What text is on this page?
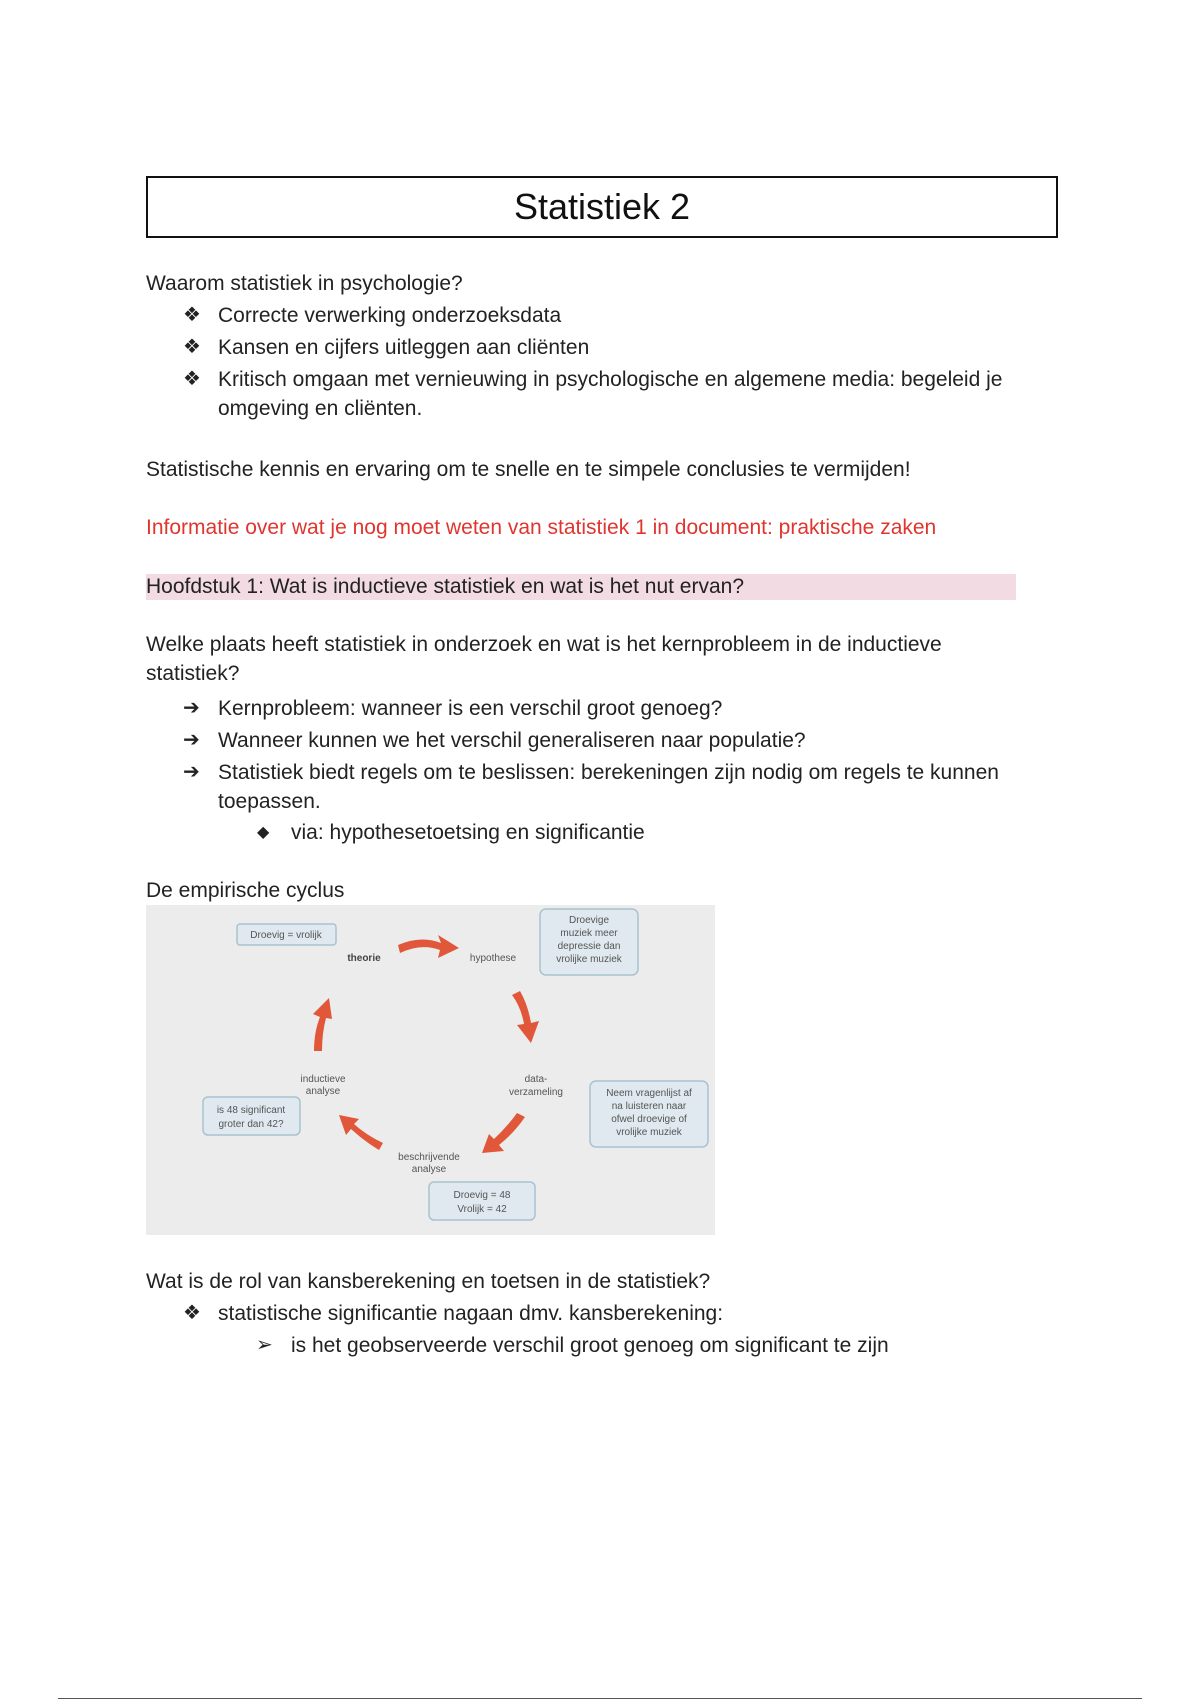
Statistiek 2
Waarom statistiek in psychologie?
❖ Correcte verwerking onderzoeksdata
❖ Kansen en cijfers uitleggen aan cliënten
❖ Kritisch omgaan met vernieuwing in psychologische en algemene media: begeleid je omgeving en cliënten.
Statistische kennis en ervaring om te snelle en te simpele conclusies te vermijden!
Informatie over wat je nog moet weten van statistiek 1 in document: praktische zaken
Hoofdstuk 1: Wat is inductieve statistiek en wat is het nut ervan?
Welke plaats heeft statistiek in onderzoek en wat is het kernprobleem in de inductieve statistiek?
➔ Kernprobleem: wanneer is een verschil groot genoeg?
➔ Wanneer kunnen we het verschil generaliseren naar populatie?
➔ Statistiek biedt regels om te beslissen: berekeningen zijn nodig om regels te kunnen toepassen.
◆ via: hypothesetoetsing en significantie
De empirische cyclus
theorie	hypothese
data-
verzameling
beschrijvende
analyse
inductieve
analyse
Droevig = vrolijk
Droevige
muziek meer
depressie dan
vrolijke muziek
Neem vragenlijst af
na luisteren naar
ofwel droevige of
vrolijke muziek
Droevig = 48
Vrolijk = 42
is 48 significant
groter dan 42?
Wat is de rol van kansberekening en toetsen in de statistiek?
❖ statistische significantie nagaan dmv. kansberekening:
➢ is het geobserveerde verschil groot genoeg om significant te zijn
